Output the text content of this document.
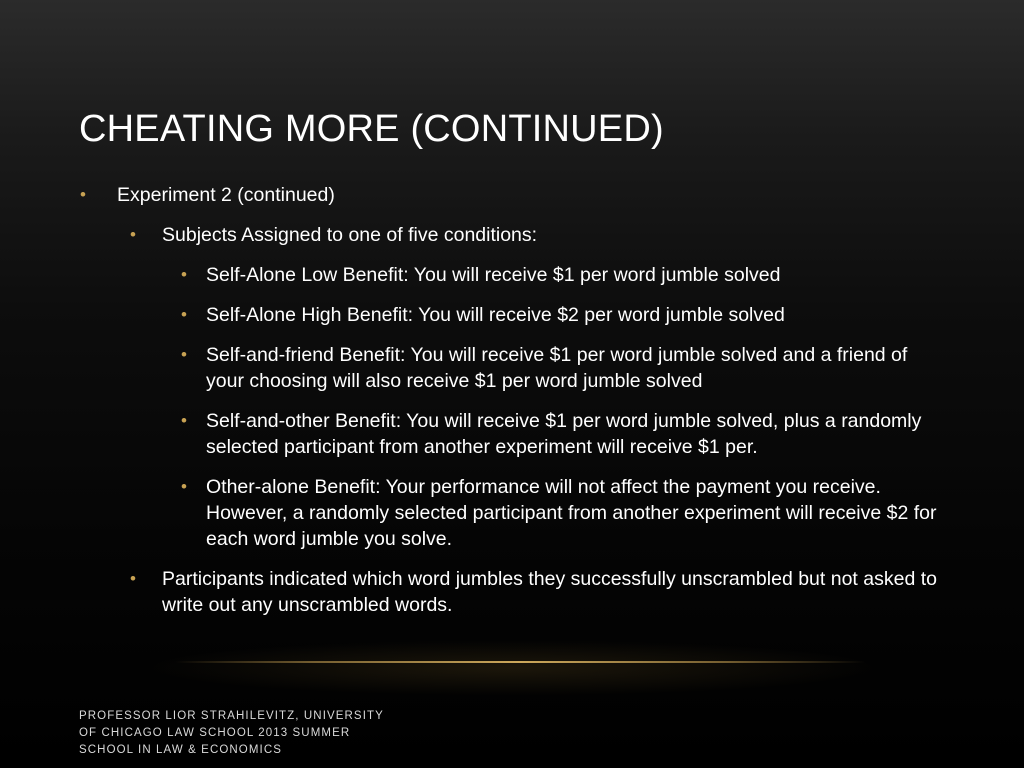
CHEATING MORE (CONTINUED)
• Experiment 2 (continued)
• Subjects Assigned to one of five conditions:
• Self-Alone Low Benefit: You will receive $1 per word jumble solved
• Self-Alone High Benefit: You will receive $2 per word jumble solved
• Self-and-friend Benefit: You will receive $1 per word jumble solved and a friend of your choosing will also receive $1 per word jumble solved
• Self-and-other Benefit: You will receive $1 per word jumble solved, plus a randomly selected participant from another experiment will receive $1 per.
• Other-alone Benefit: Your performance will not affect the payment you receive. However, a randomly selected participant from another experiment will receive $2 for each word jumble you solve.
• Participants indicated which word jumbles they successfully unscrambled but not asked to write out any unscrambled words.
PROFESSOR LIOR STRAHILEVITZ, UNIVERSITY OF CHICAGO LAW SCHOOL 2013 SUMMER SCHOOL IN LAW & ECONOMICS
